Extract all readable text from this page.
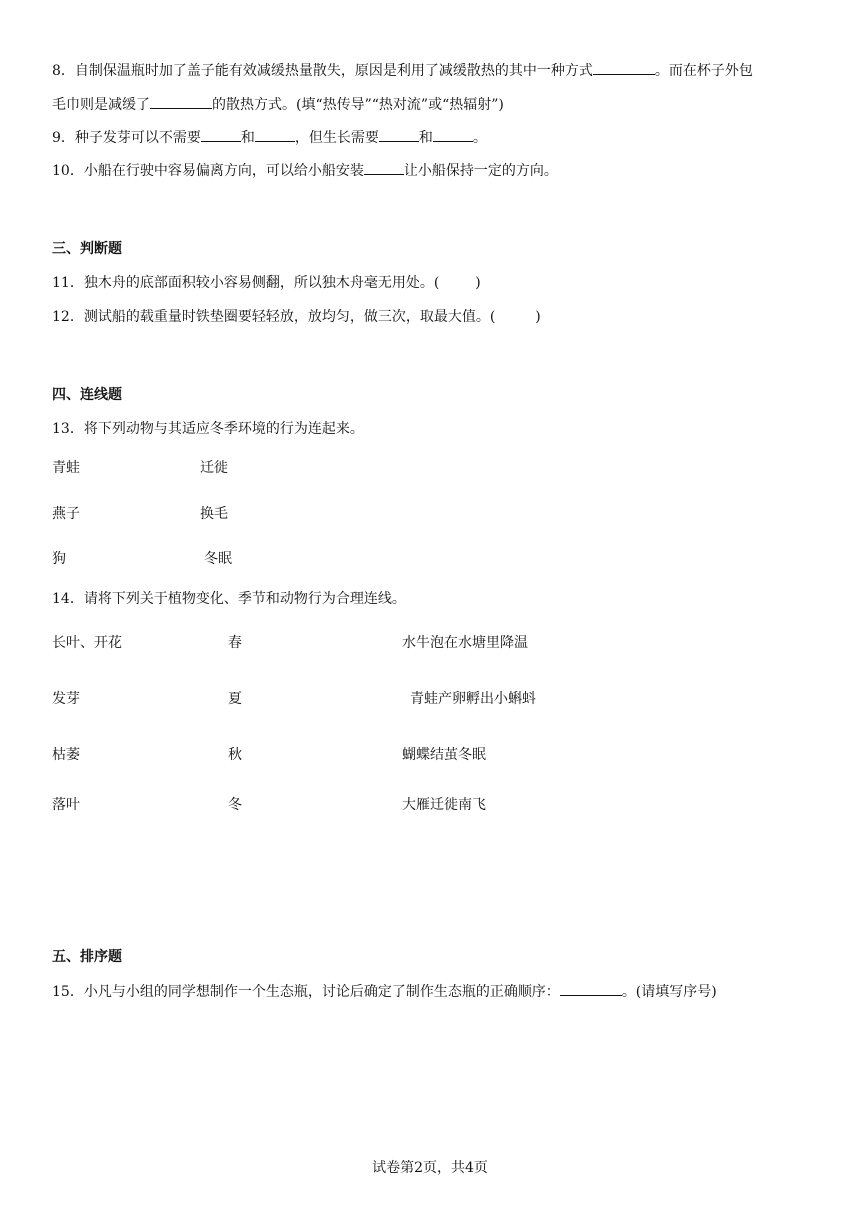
8．自制保温瓶时加了盖子能有效减缓热量散失，原因是利用了减缓散热的其中一种方式	。而在杯子外包
毛巾则是减缓了	的散热方式。(填“热传导”“热对流”或“热辐射”)
9．种子发芽可以不需要	和	，但生长需要	和	。
10．小船在行驶中容易偏离方向，可以给小船安装	让小船保持一定的方向。
三、判断题
11．独木舟的底部面积较小容易侧翻，所以独木舟毫无用处。(	)
12．测试船的载重量时铁垫圈要轻轻放，放均匀，做三次，取最大值。(	)
四、连线题
13．将下列动物与其适应冬季环境的行为连起来。
青蛙	迁徙
燕子	换毛
狗	冬眠
14．请将下列关于植物变化、季节和动物行为合理连线。
长叶、开花	春	水牛泡在水塘里降温
发芽	夏	青蛙产卵孵出小蝌蚪
枯萎	秋	蝴蝶结茧冬眠
落叶	冬	大雁迁徙南飞
五、排序题
15．小凡与小组的同学想制作一个生态瓶，讨论后确定了制作生态瓶的正确顺序：	。(请填写序号)
试卷第2页，共4页
